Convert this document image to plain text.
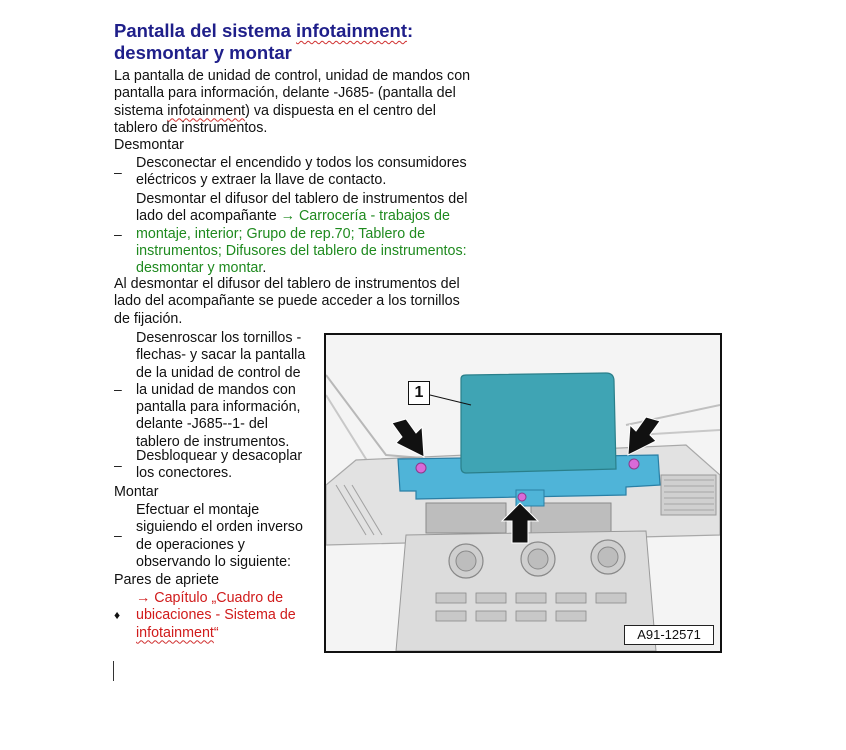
Pantalla del sistema infotainment:
desmontar y montar
La pantalla de unidad de control, unidad de mandos con
pantalla para información, delante -J685- (pantalla del
sistema infotainment) va dispuesta en el centro del
tablero de instrumentos.
Desmontar
–
Desconectar el encendido y todos los consumidores
eléctricos y extraer la llave de contacto.
–
Desmontar el difusor del tablero de instrumentos del
lado del acompañante → Carrocería - trabajos de
montaje, interior; Grupo de rep.70; Tablero de
instrumentos; Difusores del tablero de instrumentos:
desmontar y montar.
Al desmontar el difusor del tablero de instrumentos del
lado del acompañante se puede acceder a los tornillos
de fijación.
–
Desenroscar los tornillos -
flechas- y sacar la pantalla
de la unidad de control de
la unidad de mandos con
pantalla para información,
delante -J685--1- del
tablero de instrumentos.
–
Desbloquear y desacoplar
los conectores.
Montar
–
Efectuar el montaje
siguiendo el orden inverso
de operaciones y
observando lo siguiente:
Pares de apriete
♦
→ Capítulo „Cuadro de
ubicaciones - Sistema de
infotainment“
1
A91-12571
